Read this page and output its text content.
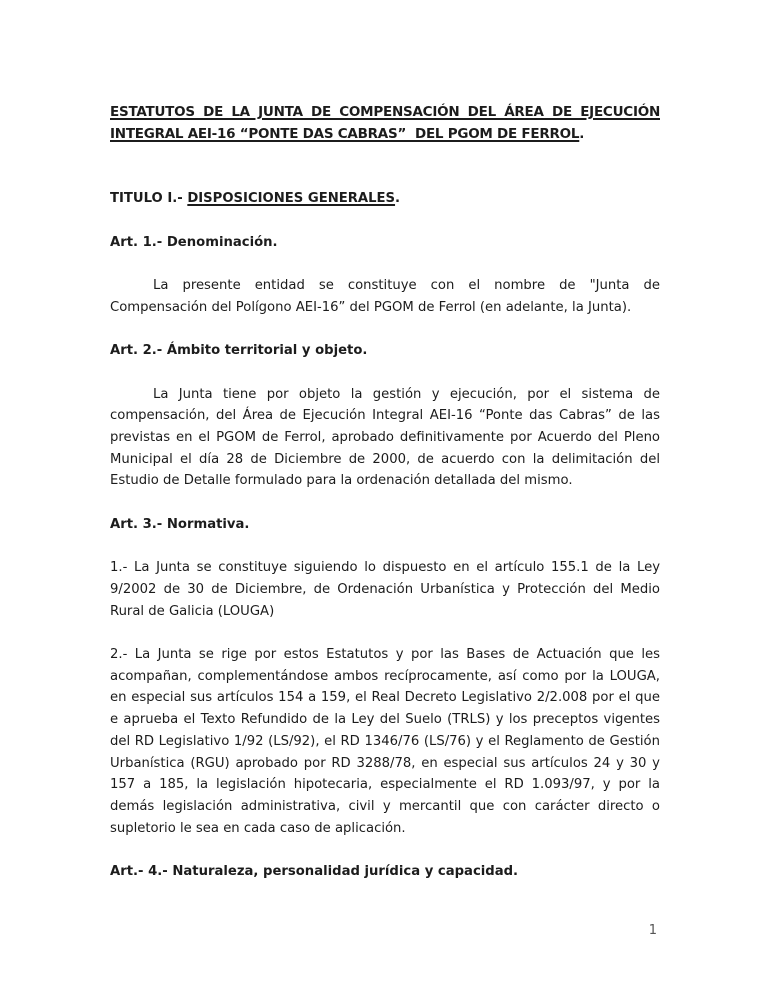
ESTATUTOS DE LA JUNTA DE COMPENSACIÓN DEL ÁREA DE EJECUCIÓN INTEGRAL AEI-16 “PONTE DAS CABRAS”  DEL PGOM DE FERROL.

TITULO I.- DISPOSICIONES GENERALES.

Art. 1.- Denominación.

La presente entidad se constituye con el nombre de "Junta de Compensación del Polígono AEI-16” del PGOM de Ferrol (en adelante, la Junta).

Art. 2.- Ámbito territorial y objeto.

La Junta tiene por objeto la gestión y ejecución, por el sistema de compensación, del Área de Ejecución Integral AEI-16 “Ponte das Cabras” de las previstas en el PGOM de Ferrol, aprobado definitivamente por Acuerdo del Pleno Municipal el día 28 de Diciembre de 2000, de acuerdo con la delimitación del Estudio de Detalle formulado para la ordenación detallada del mismo.

Art. 3.- Normativa.

1.- La Junta se constituye siguiendo lo dispuesto en el artículo 155.1 de la Ley 9/2002 de 30 de Diciembre, de Ordenación Urbanística y Protección del Medio Rural de Galicia (LOUGA)

2.- La Junta se rige por estos Estatutos y por las Bases de Actuación que les acompañan, complementándose ambos recíprocamente, así como por la LOUGA, en especial sus artículos 154 a 159, el Real Decreto Legislativo 2/2.008 por el que e aprueba el Texto Refundido de la Ley del Suelo (TRLS) y los preceptos vigentes del RD Legislativo 1/92 (LS/92), el RD 1346/76 (LS/76) y el Reglamento de Gestión Urbanística (RGU) aprobado por RD 3288/78, en especial sus artículos 24 y 30 y 157 a 185, la legislación hipotecaria, especialmente el RD 1.093/97, y por la demás legislación administrativa, civil y mercantil que con carácter directo o supletorio le sea en cada caso de aplicación.

Art.- 4.- Naturaleza, personalidad jurídica y capacidad.

1
